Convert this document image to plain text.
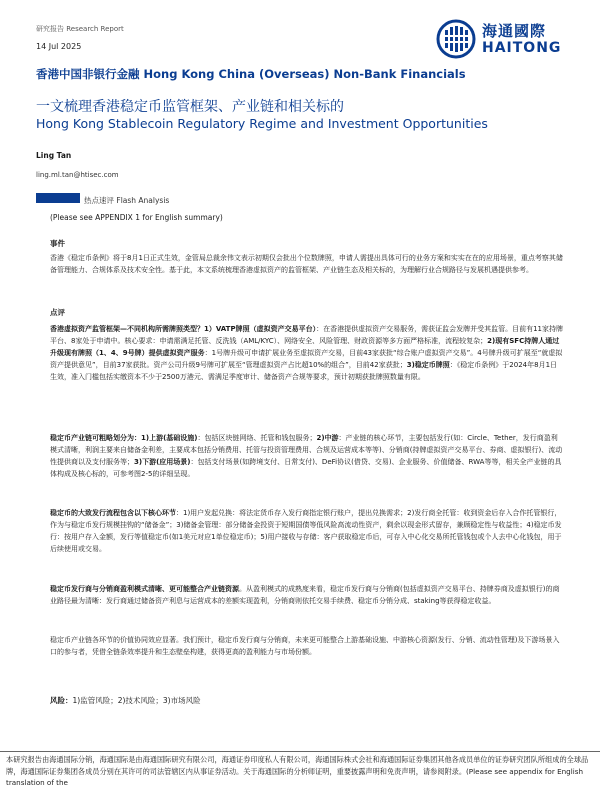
研究报告 Research Report
14 Jul 2025
海通國際
HAITONG
香港中国非银行金融 Hong Kong China (Overseas) Non-Bank Financials
一文梳理香港稳定币监管框架、产业链和相关标的
Hong Kong Stablecoin Regulatory Regime and Investment Opportunities
Ling Tan
ling.ml.tan@htisec.com
热点速评 Flash Analysis
(Please see APPENDIX 1 for English summary)
事件
香港《稳定币条例》将于8月1日正式生效，金管局总裁余伟文表示初期仅会批出个位数牌照，申请人需提出具体可行的业务方案和实实在在的应用场景，重点考察其储备管理能力、合规体系及技术安全性。基于此，本文系统梳理香港虚拟资产的监管框架、产业链生态及相关标的，为理解行业合规路径与发展机遇提供参考。
点评
香港虚拟资产监管框架—不同机构所需牌照类型？1）VATP牌照（虚拟资产交易平台）：在香港提供虚拟资产交易服务，需获证监会发牌并受其监管。目前有11家持牌平台、8家处于申请中。核心要求：申请需满足托管、反洗钱（AML/KYC）、网络安全、风险管理、财政资源等多方面严格标准，流程较复杂；2)现有SFC持牌人通过升级现有牌照（1、4、9号牌）提供虚拟资产服务：1号牌升级可申请扩展业务至虚拟资产交易，目前43家获批“综合账户虚拟资产交易”。4号牌升级可扩展至“就虚拟资产提供意见”，目前37家获批。资产公司升级9号牌可扩展至“管理虚拟资产占比超10%的组合”，目前42家获批；3)稳定币牌照：《稳定币条例》于2024年8月1日生效，准入门槛包括实缴资本不少于2500万港元、需满足季度审计、储备资产合规等要求，预计初期获批牌照数量有限。
稳定币产业链可粗略划分为：1)上游(基础设施)：包括区块链网络、托管和钱包服务；2)中游：产业链的核心环节，主要包括发行(如：Circle、Tether，发行商盈利模式清晰，利润主要来自储备金利差，主要成本包括分销费用、托管与投资管理费用、合规及运营成本等等)、分销商(持牌虚拟资产交易平台、券商、虚拟银行)、流动性提供商以及支付服务等；3)下游(应用场景)：包括支付场景(如跨境支付、日常支付)、DeFi协议(借贷、交易)、企业服务、价值储备、RWA等等，相关全产业链的具体构成及核心标的，可参考图2-5的详细呈现。
稳定币的大致发行流程包含以下核心环节：1)用户发起兑换：将法定货币存入发行商指定银行账户，提出兑换需求；2)发行商全托管：收到资金后存入合作托管银行，作为与稳定币发行规模挂钩的“储备金”；3)储备金管理：部分储备金投资于短期国债等低风险高流动性资产，剩余以现金形式留存，兼顾稳定性与收益性；4)稳定币发行：按用户存入金额，发行等值稳定币(如1美元对应1单位稳定币)；5)用户接收与存储：客户获取稳定币后，可存入中心化交易所托管钱包或个人去中心化钱包，用于后续使用或交易。
稳定币发行商与分销商盈利模式清晰、更可能整合产业链资源。从盈利模式的成熟度来看，稳定币发行商与分销商(包括虚拟资产交易平台、持牌券商及虚拟银行)的商业路径最为清晰：发行商通过储备资产利息与运营成本的差额实现盈利，分销商则依托交易手续费、稳定币分销分成、staking等获得稳定收益。
稳定币产业链各环节的价值协同效应显著。我们预计，稳定币发行商与分销商，未来更可能整合上游基础设施、中游核心资源(发行、分销、流动性管理)及下游场景入口的参与者，凭借全链条效率提升和生态壁垒构建，获得更高的盈利能力与市场份额。
风险：1)监管风险；2)技术风险；3)市场风险
本研究报告由海通国际分销，海通国际是由海通国际研究有限公司，海通证券印度私人有限公司，海通国际株式会社和海通国际证券集团其他各成员单位的证券研究团队所组成的全球品牌，海通国际证券集团各成员分别在其许可的司法管辖区内从事证券活动。关于海通国际的分析师证明，重要披露声明和免责声明，请参阅附录。(Please see appendix for English translation of the
